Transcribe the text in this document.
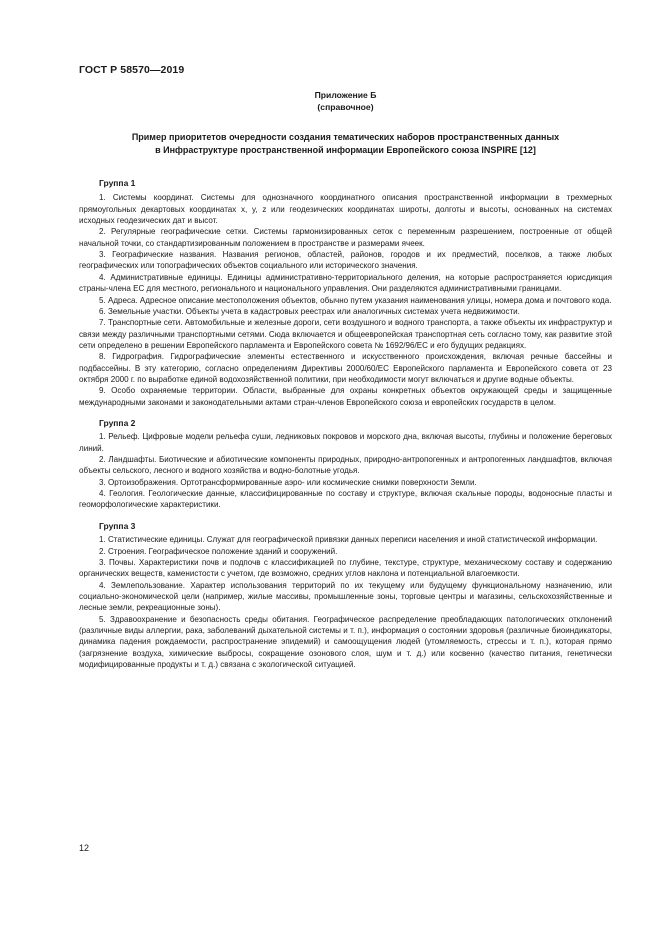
ГОСТ Р 58570—2019
Приложение Б
(справочное)
Пример приоритетов очередности создания тематических наборов пространственных данных
в Инфраструктуре пространственной информации Европейского союза INSPIRE [12]
Группа 1

1. Системы координат. Системы для однозначного координатного описания пространственной информации в трехмерных прямоугольных декартовых координатах x, y, z или геодезических координатах широты, долготы и высоты, основанных на системах исходных геодезических дат и высот.

2. Регулярные географические сетки. Системы гармонизированных сеток с переменным разрешением, построенные от общей начальной точки, со стандартизированным положением в пространстве и размерами ячеек.

3. Географические названия. Названия регионов, областей, районов, городов и их предместий, поселков, а также любых географических или топографических объектов социального или исторического значения.

4. Административные единицы. Единицы административно-территориального деления, на которые распространяется юрисдикция страны-члена ЕС для местного, регионального и национального управления. Они разделяются административными границами.

5. Адреса. Адресное описание местоположения объектов, обычно путем указания наименования улицы, номера дома и почтового кода.

6. Земельные участки. Объекты учета в кадастровых реестрах или аналогичных системах учета недвижимости.

7. Транспортные сети. Автомобильные и железные дороги, сети воздушного и водного транспорта, а также объекты их инфраструктур и связи между различными транспортными сетями. Сюда включается и общеевропейская транспортная сеть согласно тому, как развитие этой сети определено в решении Европейского парламента и Европейского совета № 1692/96/ЕС и его будущих редакциях.

8. Гидрография. Гидрографические элементы естественного и искусственного происхождения, включая речные бассейны и подбассейны. В эту категорию, согласно определениям Директивы 2000/60/ЕС Европейского парламента и Европейского совета от 23 октября 2000 г. по выработке единой водохозяйственной политики, при необходимости могут включаться и другие водные объекты.

9. Особо охраняемые территории. Области, выбранные для охраны конкретных объектов окружающей среды и защищенные международными законами и законодательными актами стран-членов Европейского союза и европейских государств в целом.

Группа 2

1. Рельеф. Цифровые модели рельефа суши, ледниковых покровов и морского дна, включая высоты, глубины и положение береговых линий.

2. Ландшафты. Биотические и абиотические компоненты природных, природно-антропогенных и антропогенных ландшафтов, включая объекты сельского, лесного и водного хозяйства и водно-болотные угодья.

3. Ортоизображения. Ортотрансформированные аэро- или космические снимки поверхности Земли.

4. Геология. Геологические данные, классифицированные по составу и структуре, включая скальные породы, водоносные пласты и геоморфологические характеристики.

Группа 3

1. Статистические единицы. Служат для географической привязки данных переписи населения и иной статистической информации.

2. Строения. Географическое положение зданий и сооружений.

3. Почвы. Характеристики почв и подпочв с классификацией по глубине, текстуре, структуре, механическому составу и содержанию органических веществ, каменистости с учетом, где возможно, средних углов наклона и потенциальной влагоемкости.

4. Землепользование. Характер использования территорий по их текущему или будущему функциональному назначению, или социально-экономической цели (например, жилые массивы, промышленные зоны, торговые центры и магазины, сельскохозяйственные и лесные земли, рекреационные зоны).

5. Здравоохранение и безопасность среды обитания. Географическое распределение преобладающих патологических отклонений (различные виды аллергии, рака, заболеваний дыхательной системы и т. п.), информация о состоянии здоровья (различные биоиндикаторы, динамика падения рождаемости, распространение эпидемий) и самоощущения людей (утомляемость, стрессы и т. п.), которая прямо (загрязнение воздуха, химические выбросы, сокращение озонового слоя, шум и т. д.) или косвенно (качество питания, генетически модифицированные продукты и т. д.) связана с экологической ситуацией.

12
